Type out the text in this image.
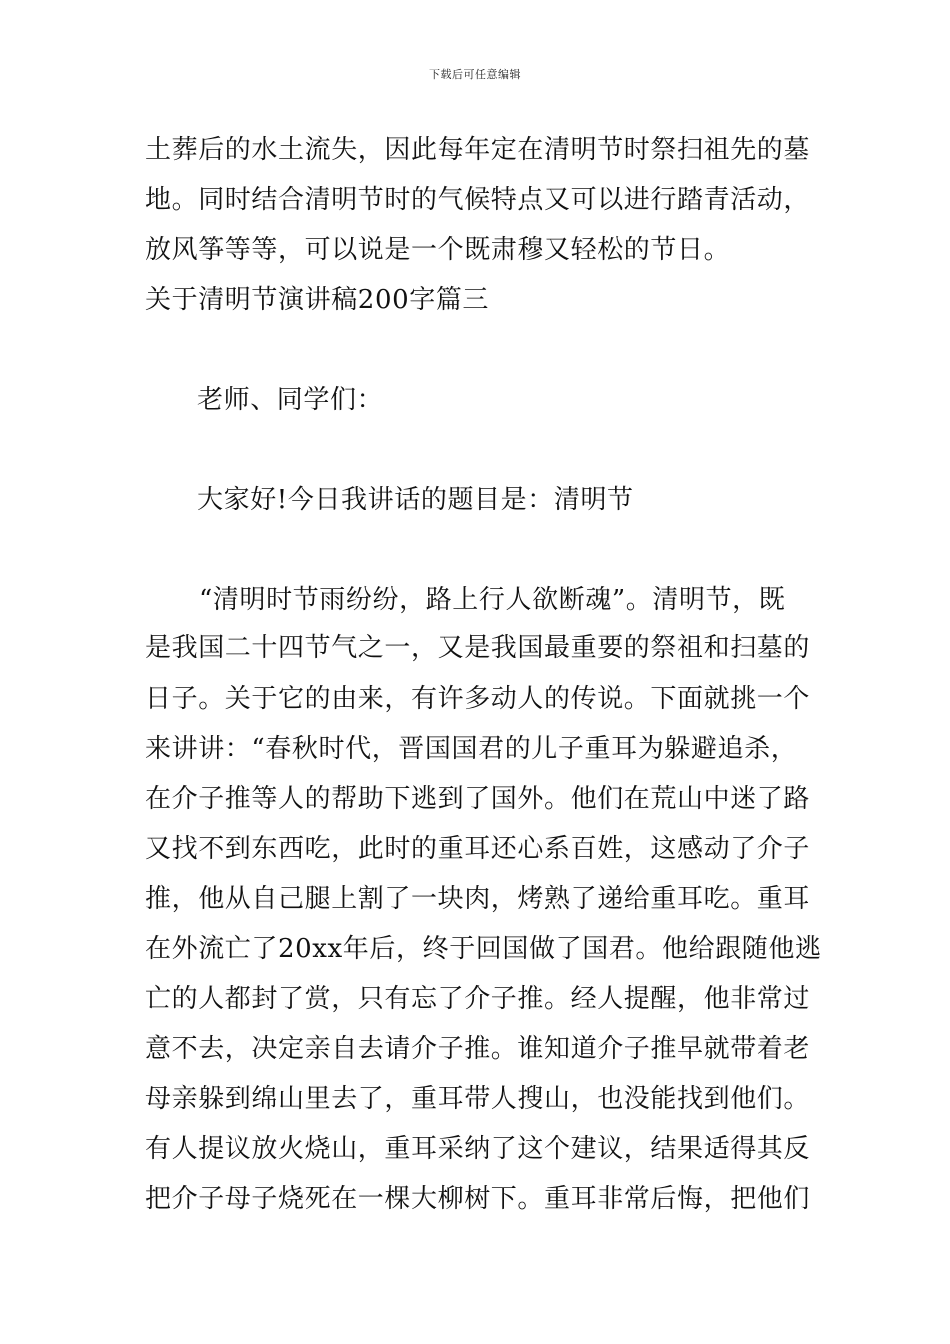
下载后可任意编辑
土葬后的水土流失，因此每年定在清明节时祭扫祖先的墓
地。同时结合清明节时的气候特点又可以进行踏青活动，
放风筝等等，可以说是一个既肃穆又轻松的节日。
关于清明节演讲稿200字篇三
老师、同学们：
大家好!今日我讲话的题目是：清明节
“清明时节雨纷纷，路上行人欲断魂”。清明节，既
是我国二十四节气之一，又是我国最重要的祭祖和扫墓的
日子。关于它的由来，有许多动人的传说。下面就挑一个
来讲讲：“春秋时代，晋国国君的儿子重耳为躲避追杀，
在介子推等人的帮助下逃到了国外。他们在荒山中迷了路
又找不到东西吃，此时的重耳还心系百姓，这感动了介子
推，他从自己腿上割了一块肉，烤熟了递给重耳吃。重耳
在外流亡了20xx年后，终于回国做了国君。他给跟随他逃
亡的人都封了赏，只有忘了介子推。经人提醒，他非常过
意不去，决定亲自去请介子推。谁知道介子推早就带着老
母亲躲到绵山里去了，重耳带人搜山，也没能找到他们。
有人提议放火烧山，重耳采纳了这个建议，结果适得其反
把介子母子烧死在一棵大柳树下。重耳非常后悔，把他们
